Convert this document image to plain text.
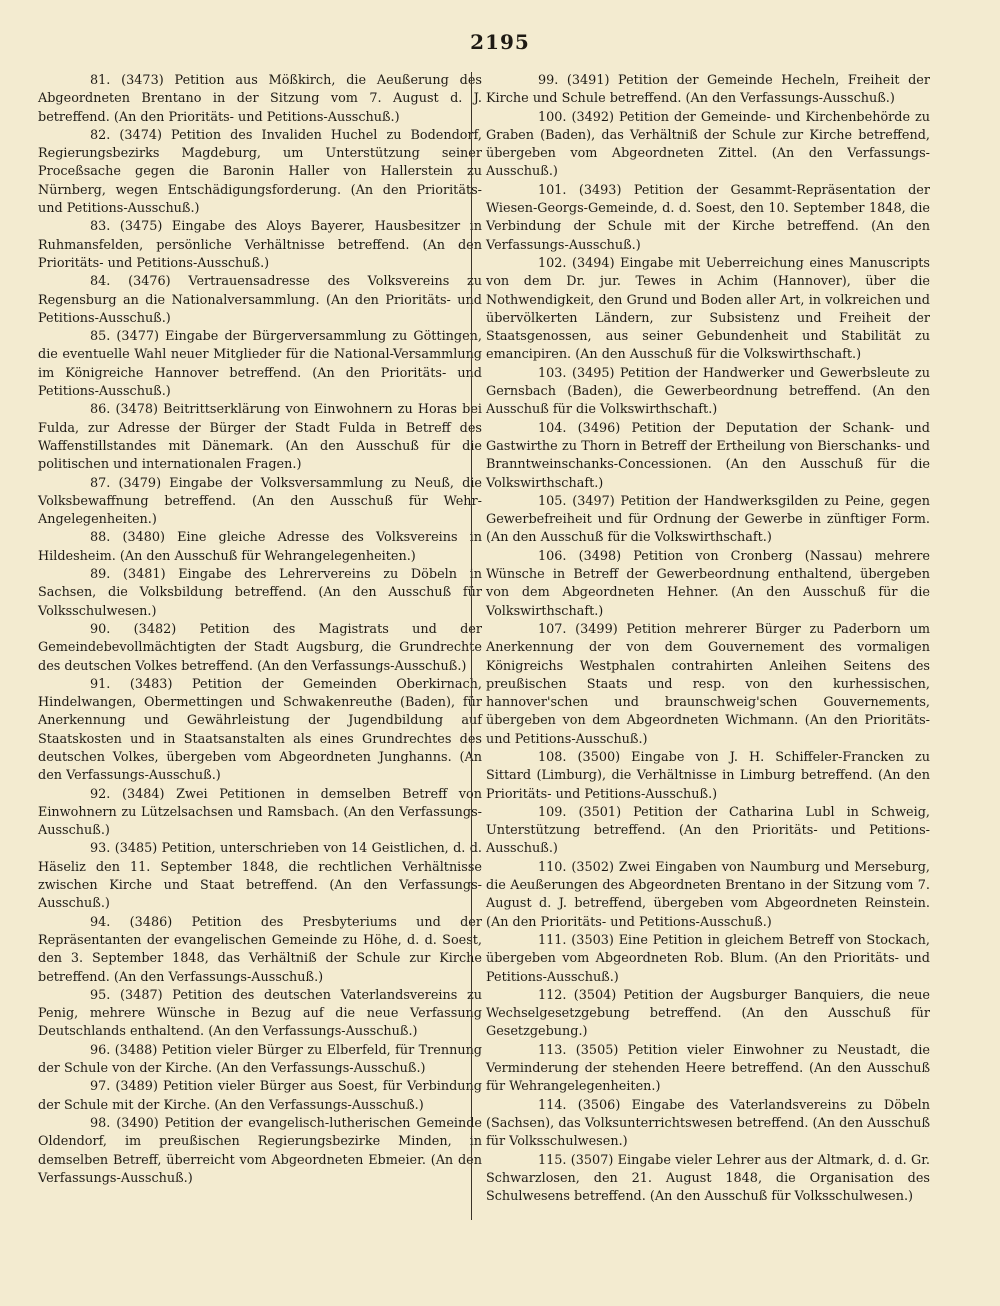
2195

81. (3473) Petition aus Mößkirch, die Aeußerung des Abgeordneten Brentano in der Sitzung vom 7. August d. J. betreffend. (An den Prioritäts- und Petitions-Ausschuß.)

82. (3474) Petition des Invaliden Huchel zu Bodendorf, Regierungsbezirks Magdeburg, um Unterstützung seiner Proceßsache gegen die Baronin Haller von Hallerstein zu Nürnberg, wegen Entschädigungsforderung. (An den Prioritäts- und Petitions-Ausschuß.)

83. (3475) Eingabe des Aloys Bayerer, Hausbesitzer in Ruhmansfelden, persönliche Verhältnisse betreffend. (An den Prioritäts- und Petitions-Ausschuß.)

84. (3476) Vertrauensadresse des Volksvereins zu Regensburg an die Nationalversammlung. (An den Prioritäts- und Petitions-Ausschuß.)

85. (3477) Eingabe der Bürgerversammlung zu Göttingen, die eventuelle Wahl neuer Mitglieder für die National-Versammlung im Königreiche Hannover betreffend. (An den Prioritäts- und Petitions-Ausschuß.)

86. (3478) Beitrittserklärung von Einwohnern zu Horas bei Fulda, zur Adresse der Bürger der Stadt Fulda in Betreff des Waffenstillstandes mit Dänemark. (An den Ausschuß für die politischen und internationalen Fragen.)

87. (3479) Eingabe der Volksversammlung zu Neuß, die Volksbewaffnung betreffend. (An den Ausschuß für Wehr-Angelegenheiten.)

88. (3480) Eine gleiche Adresse des Volksvereins in Hildesheim. (An den Ausschuß für Wehrangelegenheiten.)

89. (3481) Eingabe des Lehrervereins zu Döbeln in Sachsen, die Volksbildung betreffend. (An den Ausschuß für Volksschulwesen.)

90. (3482) Petition des Magistrats und der Gemeindebevollmächtigten der Stadt Augsburg, die Grundrechte des deutschen Volkes betreffend. (An den Verfassungs-Ausschuß.)

91. (3483) Petition der Gemeinden Oberkirnach, Hindelwangen, Obermettingen und Schwakenreuthe (Baden), für Anerkennung und Gewährleistung der Jugendbildung auf Staatskosten und in Staatsanstalten als eines Grundrechtes des deutschen Volkes, übergeben vom Abgeordneten Junghanns. (An den Verfassungs-Ausschuß.)

92. (3484) Zwei Petitionen in demselben Betreff von Einwohnern zu Lützelsachsen und Ramsbach. (An den Verfassungs-Ausschuß.)

93. (3485) Petition, unterschrieben von 14 Geistlichen, d. d. Häseliz den 11. September 1848, die rechtlichen Verhältnisse zwischen Kirche und Staat betreffend. (An den Verfassungs-Ausschuß.)

94. (3486) Petition des Presbyteriums und der Repräsentanten der evangelischen Gemeinde zu Höhe, d. d. Soest, den 3. September 1848, das Verhältniß der Schule zur Kirche betreffend. (An den Verfassungs-Ausschuß.)

95. (3487) Petition des deutschen Vaterlandsvereins zu Penig, mehrere Wünsche in Bezug auf die neue Verfassung Deutschlands enthaltend. (An den Verfassungs-Ausschuß.)

96. (3488) Petition vieler Bürger zu Elberfeld, für Trennung der Schule von der Kirche. (An den Verfassungs-Ausschuß.)

97. (3489) Petition vieler Bürger aus Soest, für Verbindung der Schule mit der Kirche. (An den Verfassungs-Ausschuß.)

98. (3490) Petition der evangelisch-lutherischen Gemeinde Oldendorf, im preußischen Regierungsbezirke Minden, in demselben Betreff, überreicht vom Abgeordneten Ebmeier. (An den Verfassungs-Ausschuß.)

99. (3491) Petition der Gemeinde Hecheln, Freiheit der Kirche und Schule betreffend. (An den Verfassungs-Ausschuß.)

100. (3492) Petition der Gemeinde- und Kirchenbehörde zu Graben (Baden), das Verhältniß der Schule zur Kirche betreffend, übergeben vom Abgeordneten Zittel. (An den Verfassungs-Ausschuß.)

101. (3493) Petition der Gesammt-Repräsentation der Wiesen-Georgs-Gemeinde, d. d. Soest, den 10. September 1848, die Verbindung der Schule mit der Kirche betreffend. (An den Verfassungs-Ausschuß.)

102. (3494) Eingabe mit Ueberreichung eines Manuscripts von dem Dr. jur. Tewes in Achim (Hannover), über die Nothwendigkeit, den Grund und Boden aller Art, in volkreichen und übervölkerten Ländern, zur Subsistenz und Freiheit der Staatsgenossen, aus seiner Gebundenheit und Stabilität zu emancipiren. (An den Ausschuß für die Volkswirthschaft.)

103. (3495) Petition der Handwerker und Gewerbsleute zu Gernsbach (Baden), die Gewerbeordnung betreffend. (An den Ausschuß für die Volkswirthschaft.)

104. (3496) Petition der Deputation der Schank- und Gastwirthe zu Thorn in Betreff der Ertheilung von Bierschanks- und Branntweinschanks-Concessionen. (An den Ausschuß für die Volkswirthschaft.)

105. (3497) Petition der Handwerksgilden zu Peine, gegen Gewerbefreiheit und für Ordnung der Gewerbe in zünftiger Form. (An den Ausschuß für die Volkswirthschaft.)

106. (3498) Petition von Cronberg (Nassau) mehrere Wünsche in Betreff der Gewerbeordnung enthaltend, übergeben von dem Abgeordneten Hehner. (An den Ausschuß für die Volkswirthschaft.)

107. (3499) Petition mehrerer Bürger zu Paderborn um Anerkennung der von dem Gouvernement des vormaligen Königreichs Westphalen contrahirten Anleihen Seitens des preußischen Staats und resp. von den kurhessischen, hannover'schen und braunschweig'schen Gouvernements, übergeben von dem Abgeordneten Wichmann. (An den Prioritäts- und Petitions-Ausschuß.)

108. (3500) Eingabe von J. H. Schiffeler-Francken zu Sittard (Limburg), die Verhältnisse in Limburg betreffend. (An den Prioritäts- und Petitions-Ausschuß.)

109. (3501) Petition der Catharina Lubl in Schweig, Unterstützung betreffend. (An den Prioritäts- und Petitions-Ausschuß.)

110. (3502) Zwei Eingaben von Naumburg und Merseburg, die Aeußerungen des Abgeordneten Brentano in der Sitzung vom 7. August d. J. betreffend, übergeben vom Abgeordneten Reinstein. (An den Prioritäts- und Petitions-Ausschuß.)

111. (3503) Eine Petition in gleichem Betreff von Stockach, übergeben vom Abgeordneten Rob. Blum. (An den Prioritäts- und Petitions-Ausschuß.)

112. (3504) Petition der Augsburger Banquiers, die neue Wechselgesetzgebung betreffend. (An den Ausschuß für Gesetzgebung.)

113. (3505) Petition vieler Einwohner zu Neustadt, die Verminderung der stehenden Heere betreffend. (An den Ausschuß für Wehrangelegenheiten.)

114. (3506) Eingabe des Vaterlandsvereins zu Döbeln (Sachsen), das Volksunterrichtswesen betreffend. (An den Ausschuß für Volksschulwesen.)

115. (3507) Eingabe vieler Lehrer aus der Altmark, d. d. Gr. Schwarzlosen, den 21. August 1848, die Organisation des Schulwesens betreffend. (An den Ausschuß für Volksschulwesen.)
